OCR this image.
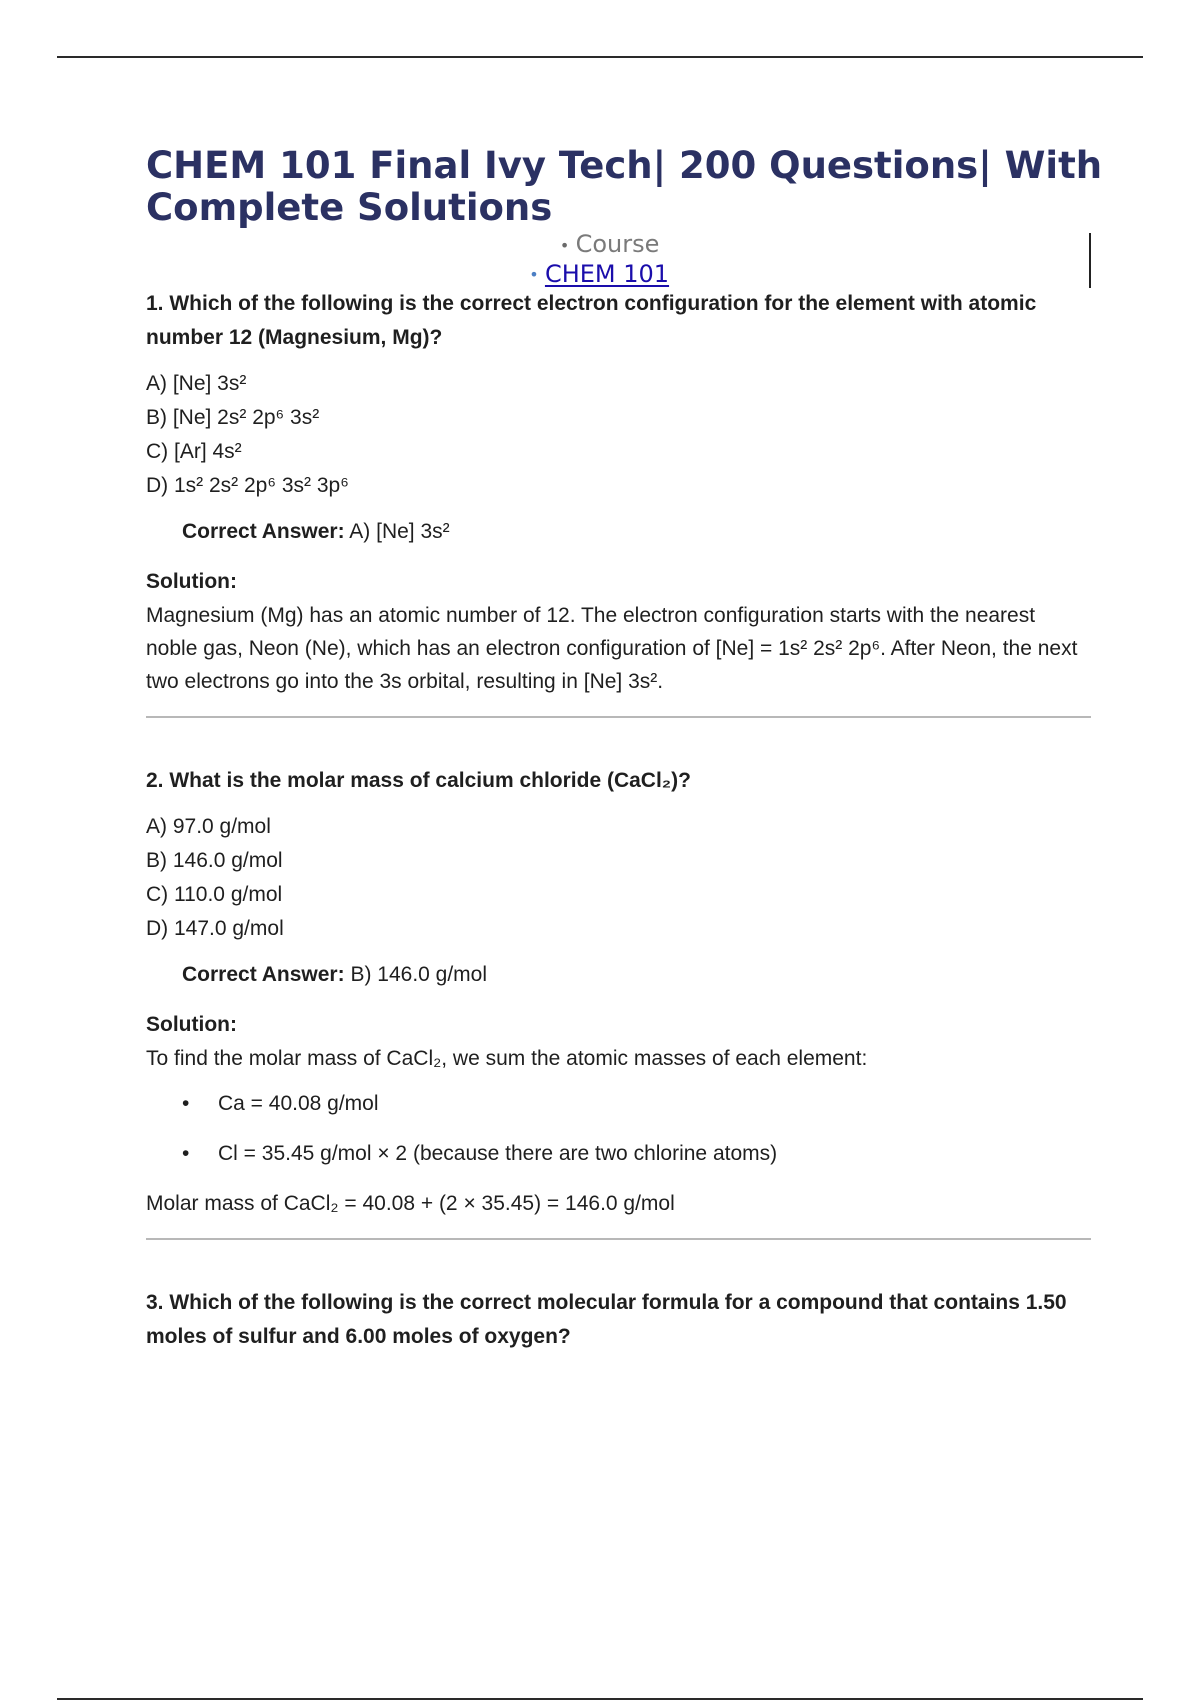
CHEM 101 Final Ivy Tech| 200 Questions| With Complete Solutions
• Course
• CHEM 101

1. Which of the following is the correct electron configuration for the element with atomic number 12 (Magnesium, Mg)?

A) [Ne] 3s²
B) [Ne] 2s² 2p⁶ 3s²
C) [Ar] 4s²
D) 1s² 2s² 2p⁶ 3s² 3p⁶

Correct Answer: A) [Ne] 3s²

Solution:

Magnesium (Mg) has an atomic number of 12. The electron configuration starts with the nearest noble gas, Neon (Ne), which has an electron configuration of [Ne] = 1s² 2s² 2p⁶. After Neon, the next two electrons go into the 3s orbital, resulting in [Ne] 3s².

2. What is the molar mass of calcium chloride (CaCl₂)?

A) 97.0 g/mol
B) 146.0 g/mol
C) 110.0 g/mol
D) 147.0 g/mol

Correct Answer: B) 146.0 g/mol

Solution:

To find the molar mass of CaCl₂, we sum the atomic masses of each element:

• Ca = 40.08 g/mol
• Cl = 35.45 g/mol × 2 (because there are two chlorine atoms)

Molar mass of CaCl₂ = 40.08 + (2 × 35.45) = 146.0 g/mol

3. Which of the following is the correct molecular formula for a compound that contains 1.50 moles of sulfur and 6.00 moles of oxygen?
